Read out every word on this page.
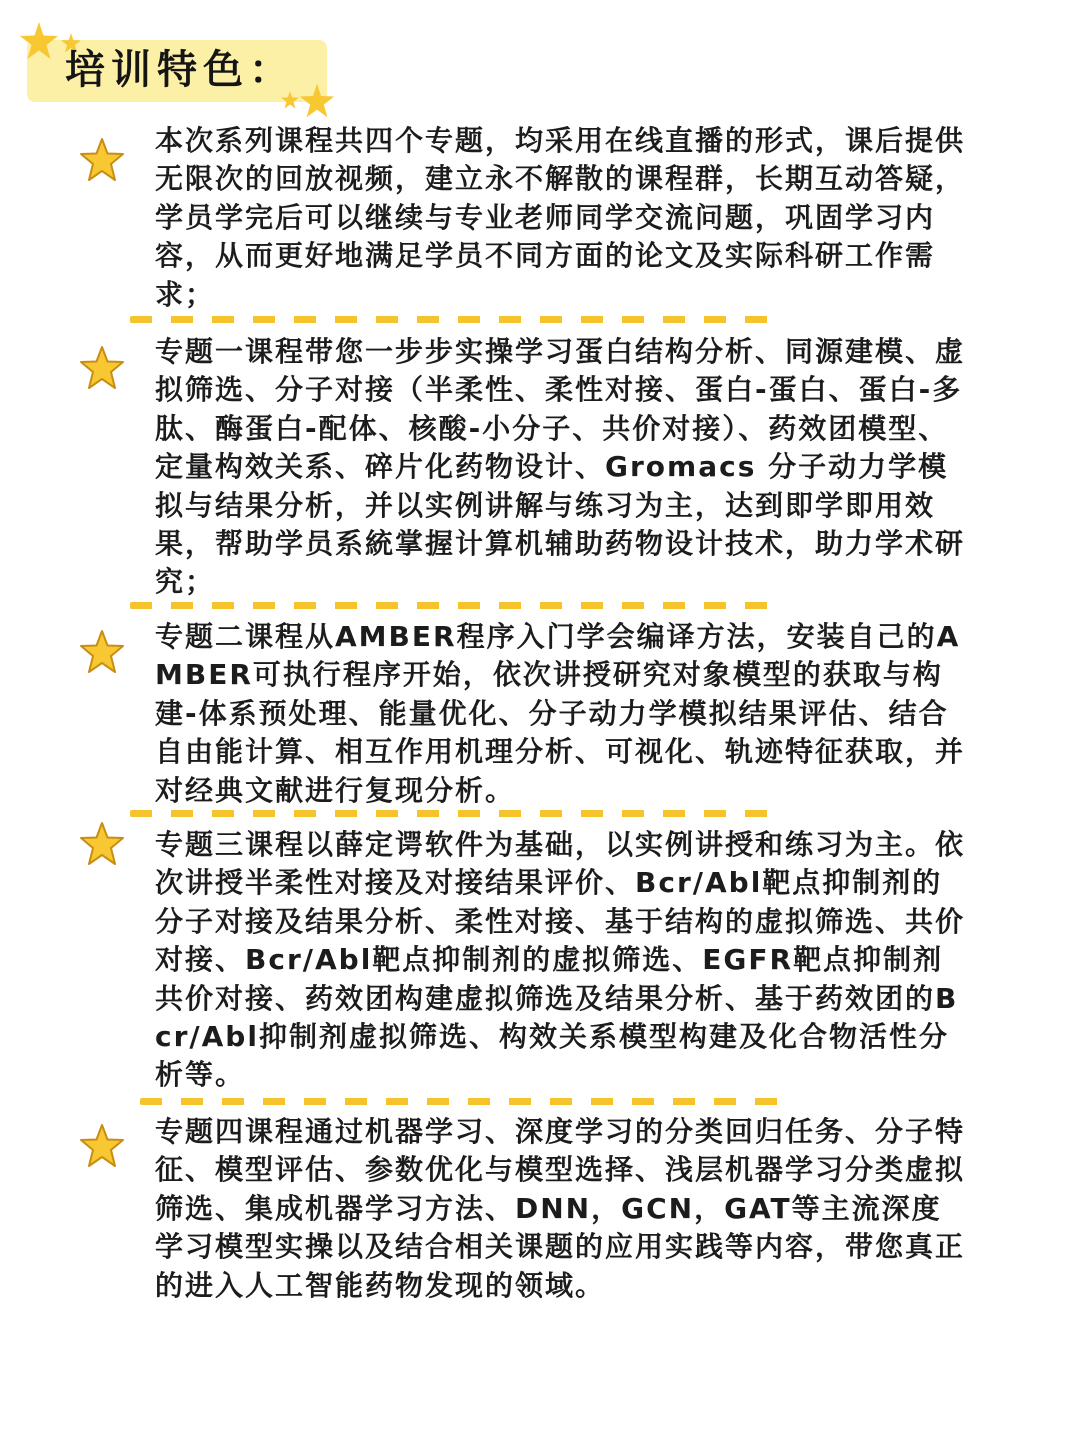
培训特色：
本次系列课程共四个专题，均采用在线直播的形式，课后提供无限次的回放视频，建立永不解散的课程群，长期互动答疑，学员学完后可以继续与专业老师同学交流问题，巩固学习内容，从而更好地满足学员不同方面的论文及实际科研工作需求；
专题一课程带您一步步实操学习蛋白结构分析、同源建模、虚拟筛选、分子对接（半柔性、柔性对接、蛋白-蛋白、蛋白-多肽、酶蛋白-配体、核酸-小分子、共价对接）、药效团模型、定量构效关系、碎片化药物设计、Gromacs 分子动力学模拟与结果分析，并以实例讲解与练习为主，达到即学即用效果，帮助学员系統掌握计算机辅助药物设计技术，助力学术研究；
专题二课程从AMBER程序入门学会编译方法，安装自己的AMBER可执行程序开始，依次讲授研究对象模型的获取与构建-体系预处理、能量优化、分子动力学模拟结果评估、结合自由能计算、相互作用机理分析、可视化、轨迹特征获取，并对经典文献进行复现分析。
专题三课程以薛定谔软件为基础，以实例讲授和练习为主。依次讲授半柔性对接及对接结果评价、Bcr/Abl靶点抑制剂的分子对接及结果分析、柔性对接、基于结构的虚拟筛选、共价对接、Bcr/Abl靶点抑制剂的虚拟筛选、EGFR靶点抑制剂共价对接、药效团构建虚拟筛选及结果分析、基于药效团的Bcr/Abl抑制剂虚拟筛选、构效关系模型构建及化合物活性分析等。
专题四课程通过机器学习、深度学习的分类回归任务、分子特征、模型评估、参数优化与模型选择、浅层机器学习分类虚拟筛选、集成机器学习方法、DNN，GCN，GAT等主流深度学习模型实操以及结合相关课题的应用实践等内容，带您真正的进入人工智能药物发现的领域。
